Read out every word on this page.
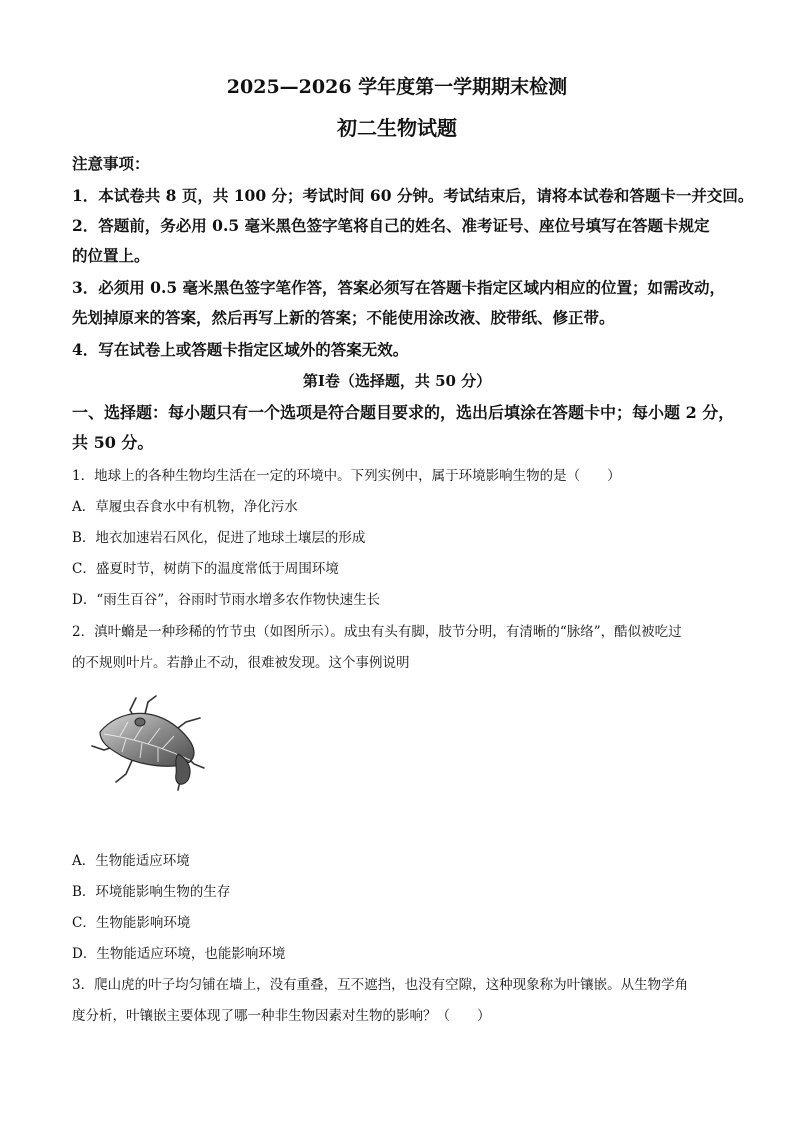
2025—2026 学年度第一学期期末检测
初二生物试题
注意事项：
1．本试卷共 8 页，共 100 分；考试时间 60 分钟。考试结束后，请将本试卷和答题卡一并交回。
2．答题前，务必用 0.5 毫米黑色签字笔将自己的姓名、准考证号、座位号填写在答题卡规定
的位置上。
3．必须用 0.5 毫米黑色签字笔作答，答案必须写在答题卡指定区域内相应的位置；如需改动，
先划掉原来的答案，然后再写上新的答案；不能使用涂改液、胶带纸、修正带。
4．写在试卷上或答题卡指定区域外的答案无效。
第Ⅰ卷（选择题，共 50 分）
一、选择题：每小题只有一个选项是符合题目要求的，选出后填涂在答题卡中；每小题 2 分，
共 50 分。
1．地球上的各种生物均生活在一定的环境中。下列实例中，属于环境影响生物的是（　　）
A．草履虫吞食水中有机物，净化污水
B．地衣加速岩石风化，促进了地球土壤层的形成
C．盛夏时节，树荫下的温度常低于周围环境
D．“雨生百谷”，谷雨时节雨水增多农作物快速生长
2．滇叶䗛是一种珍稀的竹节虫（如图所示）。成虫有头有脚，肢节分明，有清晰的“脉络”，酷似被吃过
的不规则叶片。若静止不动，很难被发现。这个事例说明
A．生物能适应环境
B．环境能影响生物的生存
C．生物能影响环境
D．生物能适应环境，也能影响环境
3．爬山虎的叶子均匀铺在墙上，没有重叠，互不遮挡，也没有空隙，这种现象称为叶镶嵌。从生物学角
度分析，叶镶嵌主要体现了哪一种非生物因素对生物的影响？（　　）
